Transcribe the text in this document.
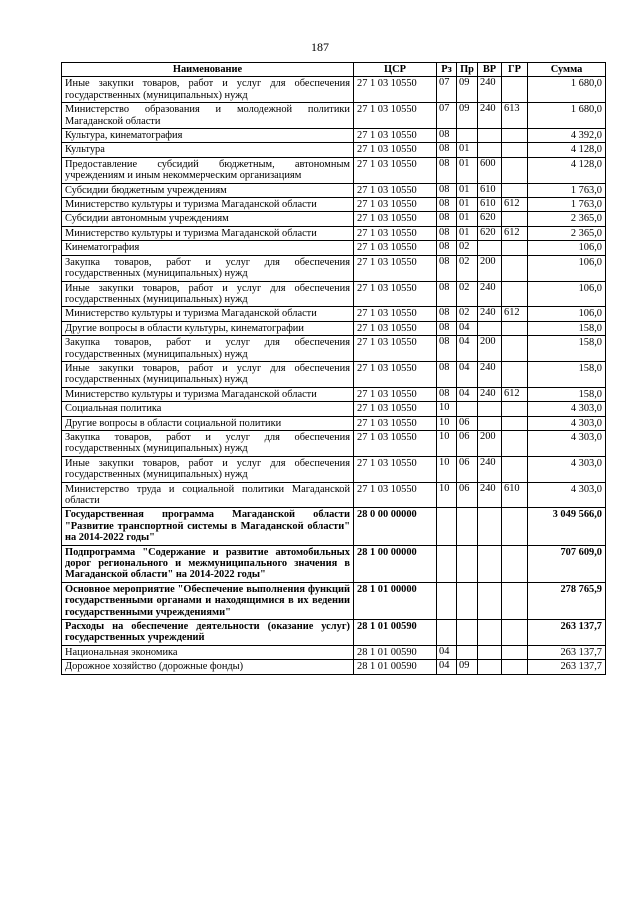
187
Наименование	ЦСР	Рз	Пр	ВР	ГР	Сумма
Иные закупки товаров, работ и услуг для обеспечения государственных (муниципальных) нужд	27 1 03 10550	07	09	240		1 680,0
Министерство образования и молодежной политики Магаданской области	27 1 03 10550	07	09	240	613	1 680,0
Культура, кинематография	27 1 03 10550	08				4 392,0
Культура	27 1 03 10550	08	01			4 128,0
Предоставление субсидий бюджетным, автономным учреждениям и иным некоммерческим организациям	27 1 03 10550	08	01	600		4 128,0
Субсидии бюджетным учреждениям	27 1 03 10550	08	01	610		1 763,0
Министерство культуры и туризма Магаданской области	27 1 03 10550	08	01	610	612	1 763,0
Субсидии автономным учреждениям	27 1 03 10550	08	01	620		2 365,0
Министерство культуры и туризма Магаданской области	27 1 03 10550	08	01	620	612	2 365,0
Кинематография	27 1 03 10550	08	02			106,0
Закупка товаров, работ и услуг для обеспечения государственных (муниципальных) нужд	27 1 03 10550	08	02	200		106,0
Иные закупки товаров, работ и услуг для обеспечения государственных (муниципальных) нужд	27 1 03 10550	08	02	240		106,0
Министерство культуры и туризма Магаданской области	27 1 03 10550	08	02	240	612	106,0
Другие вопросы в области культуры, кинематографии	27 1 03 10550	08	04			158,0
Закупка товаров, работ и услуг для обеспечения государственных (муниципальных) нужд	27 1 03 10550	08	04	200		158,0
Иные закупки товаров, работ и услуг для обеспечения государственных (муниципальных) нужд	27 1 03 10550	08	04	240		158,0
Министерство культуры и туризма Магаданской области	27 1 03 10550	08	04	240	612	158,0
Социальная политика	27 1 03 10550	10				4 303,0
Другие вопросы в области социальной политики	27 1 03 10550	10	06			4 303,0
Закупка товаров, работ и услуг для обеспечения государственных (муниципальных) нужд	27 1 03 10550	10	06	200		4 303,0
Иные закупки товаров, работ и услуг для обеспечения государственных (муниципальных) нужд	27 1 03 10550	10	06	240		4 303,0
Министерство труда и социальной политики Магаданской области	27 1 03 10550	10	06	240	610	4 303,0
Государственная программа Магаданской области "Развитие транспортной системы в Магаданской области" на 2014-2022 годы"	28 0 00 00000					3 049 566,0
Подпрограмма "Содержание и развитие автомобильных дорог регионального и межмуниципального значения в Магаданской области" на 2014-2022 годы"	28 1 00 00000					707 609,0
Основное мероприятие "Обеспечение выполнения функций государственными органами и находящимися в их ведении государственными учреждениями"	28 1 01 00000					278 765,9
Расходы на обеспечение деятельности (оказание услуг) государственных учреждений	28 1 01 00590					263 137,7
Национальная экономика	28 1 01 00590	04				263 137,7
Дорожное хозяйство (дорожные фонды)	28 1 01 00590	04	09			263 137,7
